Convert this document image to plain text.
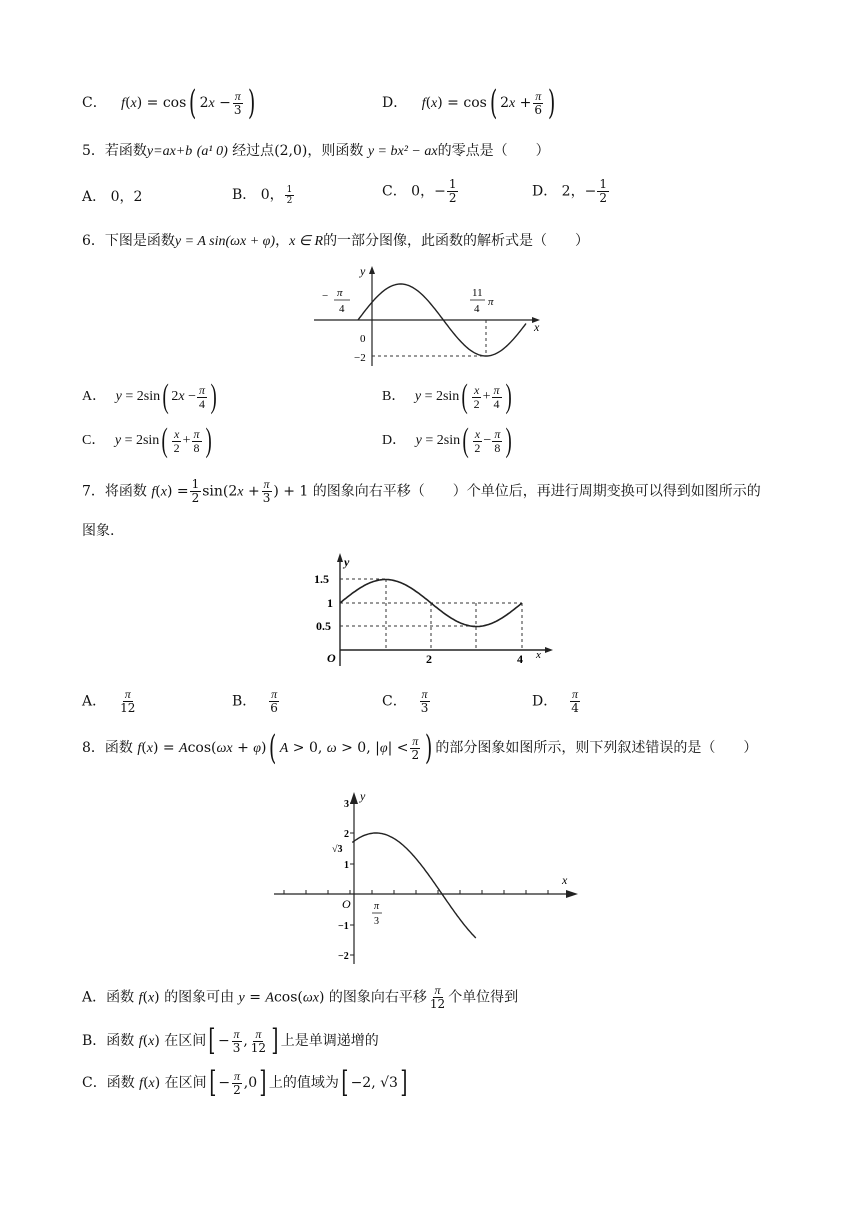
C． f(x) = cos( $2x - \frac{\pi}{3}$ )	D． f(x) = cos( $2x + \frac{\pi}{6}$ )
5．若函数y=ax+b (a¹ 0) 经过点(2,0)，则函数 y = bx² − ax的零点是（　　）
A． 0，2	B． 0， $\frac{1}{2}$	C． 0，− $\frac{1}{2}$	D． 2，− $\frac{1}{2}$
6．下图是函数y = A sin(ωx + φ)，x ∈ R的一部分图像，此函数的解析式是（　　）
y
x
− π
4
11
4
π
0
−2
A． y = 2sin( $2x - \frac{\pi}{4}$ )	B． $y = 2\sin( \frac{x}{2} + \frac{\pi}{4}$ )
C． $y = 2\sin( \frac{x}{2} + \frac{\pi}{8}$ )	D． $y = 2\sin( \frac{x}{2} - \frac{\pi}{8}$ )
7．将函数 $f(x) = \frac{1}{2} \sin(2x + \frac{\pi}{3}$ ) + 1 的图象向右平移（　　）个单位后，再进行周期变换可以得到如图所示的
图象.
y
x
1.5
1
0.5
O	2	4
A． $\frac{\pi}{12}$	B． $\frac{\pi}{6}$	C． $\frac{\pi}{3}$	D． $\frac{\pi}{4}$
8．函数 f(x) = Acos(ωx + φ)( A > 0, ω > 0, $|\varphi| < \frac{\pi}{2}$ ) 的部分图象如图所示，则下列叙述错误的是（　　）
y
x
3
2
√3
1
−1
−2
O π
3
A．函数 f(x) 的图象可由 y = Acos(ωx) 的图象向右平移 $\frac{\pi}{12}$ 个单位得到
B．函数 f(x) 在区间[ − $\frac{\pi}{3}$ , $\frac{\pi}{12}$ ] 上是单调递增的
C．函数 f(x) 在区间[ − $\frac{\pi}{2} ,0$] 上的值域为[ −2, √3]
